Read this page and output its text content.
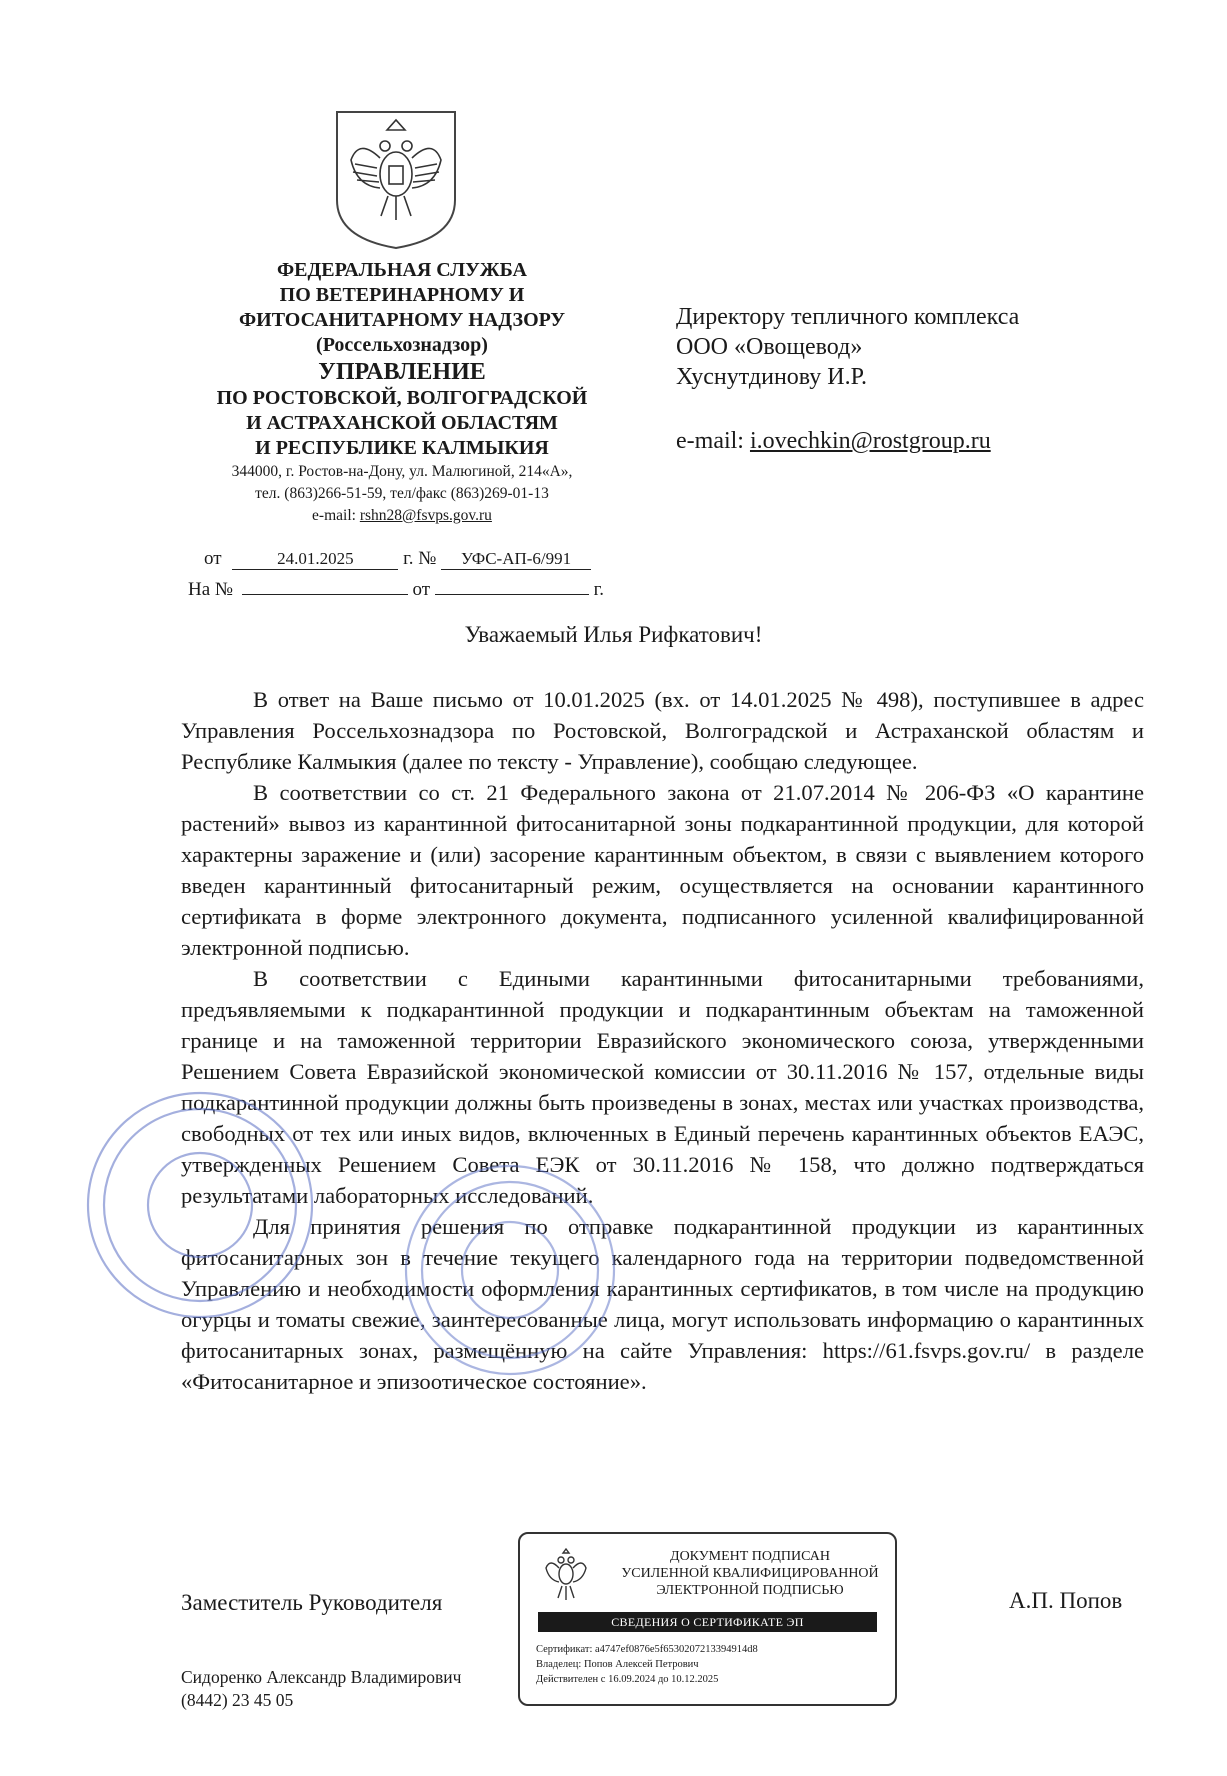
ФЕДЕРАЛЬНАЯ СЛУЖБА
ПО ВЕТЕРИНАРНОМУ И
ФИТОСАНИТАРНОМУ НАДЗОРУ
(Россельхознадзор)
УПРАВЛЕНИЕ
ПО РОСТОВСКОЙ, ВОЛГОГРАДСКОЙ
И АСТРАХАНСКОЙ ОБЛАСТЯМ
И РЕСПУБЛИКЕ КАЛМЫКИЯ
344000, г. Ростов-на-Дону, ул. Малюгиной, 214«А»,
тел. (863)266-51-59, тел/факс (863)269-01-13
e-mail: rshn28@fsvps.gov.ru
от	24.01.2025	г. № УФС-АП-6/991
На №	от	г.
Директору тепличного комплекса
ООО «Овощевод»
Хуснутдинову И.Р.
e-mail: i.ovechkin@rostgroup.ru
Уважаемый Илья Рифкатович!

В ответ на Ваше письмо от 10.01.2025 (вх. от 14.01.2025 № 498), поступившее в адрес Управления Россельхознадзора по Ростовской, Волгоградской и Астраханской областям и Республике Калмыкия (далее по тексту - Управление), сообщаю следующее.

В соответствии со ст. 21 Федерального закона от 21.07.2014 № 206-ФЗ «О карантине растений» вывоз из карантинной фитосанитарной зоны подкарантинной продукции, для которой характерны заражение и (или) засорение карантинным объектом, в связи с выявлением которого введен карантинный фитосанитарный режим, осуществляется на основании карантинного сертификата в форме электронного документа, подписанного усиленной квалифицированной электронной подписью.

В соответствии с Едиными карантинными фитосанитарными требованиями, предъявляемыми к подкарантинной продукции и подкарантинным объектам на таможенной границе и на таможенной территории Евразийского экономического союза, утвержденными Решением Совета Евразийской экономической комиссии от 30.11.2016 № 157, отдельные виды подкарантинной продукции должны быть произведены в зонах, местах или участках производства, свободных от тех или иных видов, включенных в Единый перечень карантинных объектов ЕАЭС, утвержденных Решением Совета ЕЭК от 30.11.2016 № 158, что должно подтверждаться результатами лабораторных исследований.

Для принятия решения по отправке подкарантинной продукции из карантинных фитосанитарных зон в течение текущего календарного года на территории подведомственной Управлению и необходимости оформления карантинных сертификатов, в том числе на продукцию огурцы и томаты свежие, заинтересованные лица, могут использовать информацию о карантинных фитосанитарных зонах, размещённую на сайте Управления: https://61.fsvps.gov.ru/ в разделе «Фитосанитарное и эпизоотическое состояние».

Заместитель Руководителя	А.П. Попов
ДОКУМЕНТ ПОДПИСАН
УСИЛЕННОЙ КВАЛИФИЦИРОВАННОЙ
ЭЛЕКТРОННОЙ ПОДПИСЬЮ
СВЕДЕНИЯ О СЕРТИФИКАТЕ ЭП
Сертификат: a4747ef0876e5f6530207213394914d8
Владелец: Попов Алексей Петрович
Действителен с 16.09.2024 до 10.12.2025
Сидоренко Александр Владимирович
(8442) 23 45 05
